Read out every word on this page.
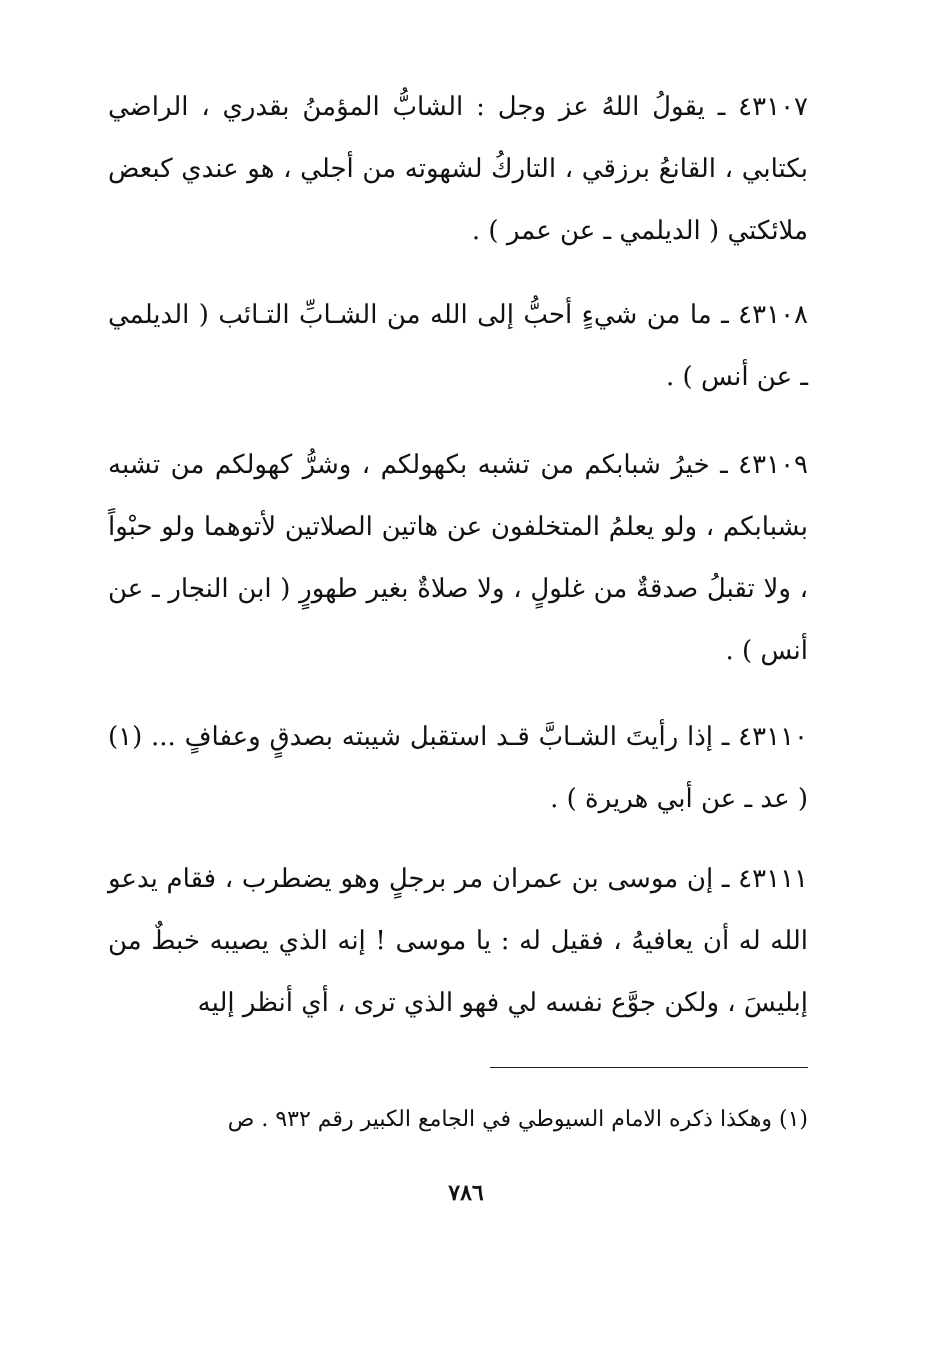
٤٣١٠٧ ـ يقولُ اللهُ عز وجل : الشابُّ المؤمنُ بقدري ، الراضي بكتابي ، القانعُ برزقي ، التاركُ لشهوته من أجلي ، هو عندي كبعض ملائكتي ( الديلمي ـ عن عمر ) .

٤٣١٠٨ ـ ما من شيءٍ أحبُّ إلى الله من الشـابِّ التـائب ( الديلمي ـ عن أنس ) .

٤٣١٠٩ ـ خيرُ شبابكم من تشبه بكهولكم ، وشرُّ كهولكم من تشبه بشبابكم ، ولو يعلمُ المتخلفون عن هاتين الصلاتين لأتوهما ولو حبْواً ، ولا تقبلُ صدقةٌ من غلولٍ ، ولا صلاةٌ بغير طهورٍ ( ابن النجار ـ عن أنس ) .

٤٣١١٠ ـ إذا رأيتَ الشـابَّ قـد استقبل شيبته بصدقٍ وعفافٍ ... (١) ( عد ـ عن أبي هريرة ) .

٤٣١١١ ـ إن موسى بن عمران مر برجلٍ وهو يضطرب ، فقام يدعو الله له أن يعافيهُ ، فقيل له : يا موسى ! إنه الذي يصيبه خبطٌ من إبليسَ ، ولكن جوَّع نفسه لي فهو الذي ترى ، أي أنظر إليه

(١) وهكذا ذكره الامام السيوطي في الجامع الكبير رقم ٩٣٢ . ص
٧٨٦
